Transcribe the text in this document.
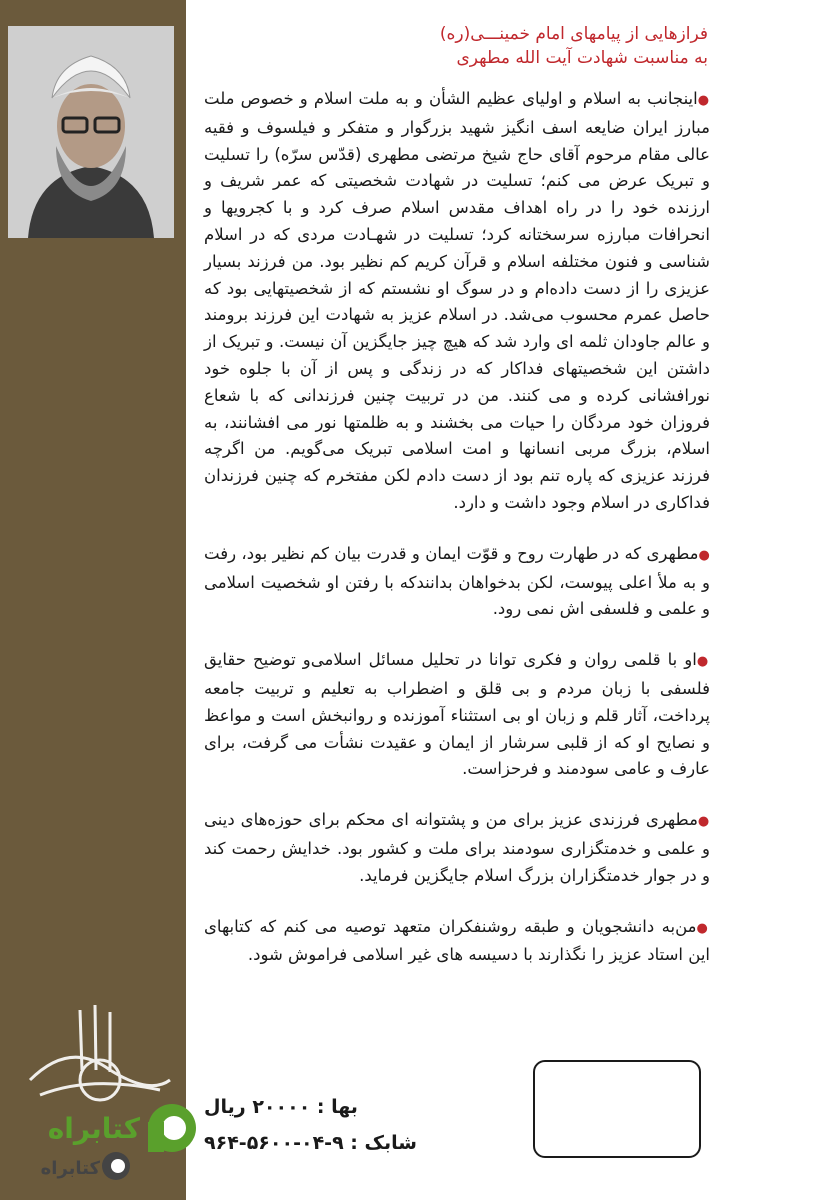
فرازهایی از پیامهای امام خمینـــی(ره)
به مناسبت شهادت آیت الله مطهری

●اینجانب به اسلام و اولیای عظیم الشأن و به ملت اسلام و خصوص ملت مبارز ایران ضایعه اسف انگیز شهید بزرگوار و متفکر و فیلسوف و فقیه عالی مقام مرحوم آقای حاج شیخ مرتضی مطهری (قدّس سرّه) را تسلیت و تبریک عرض می کنم؛ تسلیت در شهادت شخصیتی که عمر شریف و ارزنده خود را در راه اهداف مقدس اسلام صرف کرد و با کجرویها و انحرافات مبارزه سرسختانه کرد؛ تسلیت در شهـادت مردی که در اسلام شناسی و فنون مختلفه اسلام و قرآن کریم کم نظیر بود. من فرزند بسیار عزیزی را از دست داده‌ام و در سوگ او نشستم که از شخصیتهایی بود که حاصل عمرم محسوب می‌شد. در اسلام عزیز به شهادت این فرزند برومند و عالم جاودان ثلمه ای وارد شد که هیچ چیز جایگزین آن نیست. و تبریک از داشتن این شخصیتهای فداکار که در زندگی و پس از آن با جلوه خود نورافشانی کرده و می کنند. من در تربیت چنین فرزندانی که با شعاع فروزان خود مردگان را حیات می بخشند و به ظلمتها نور می افشانند، به اسلام، بزرگ مربی انسانها و امت اسلامی تبریک می‌گویم. من اگرچه فرزند عزیزی که پاره تنم بود از دست دادم لکن مفتخرم که چنین فرزندان فداکاری در اسلام وجود داشت و دارد.

●مطهری که در طهارت روح و قوّت ایمان و قدرت بیان کم نظیر بود، رفت و به ملأ اعلی پیوست، لکن بدخواهان بدانندکه با رفتن او شخصیت اسلامی و علمی و فلسفی اش نمی رود.

●او با قلمی روان و فکری توانا در تحلیل مسائل اسلامی‌و توضیح حقایق فلسفی با زبان مردم و بی قلق و اضطراب به تعلیم و تربیت جامعه پرداخت، آثار قلم و زبان او بی استثناء آموزنده و روانبخش است و مواعظ و نصایح او که از قلبی سرشار از ایمان و عقیدت نشأت می گرفت، برای عارف و عامی سودمند و فرحزاست.

●مطهری فرزندی عزیز برای من و پشتوانه ای محکم برای حوزه‌های دینی و علمی و خدمتگزاری سودمند برای ملت و کشور بود. خدایش رحمت کند و در جوار خدمتگزاران بزرگ اسلام جایگزین فرماید.

●من‌به دانشجویان و طبقه روشنفکران متعهد توصیه می کنم که کتابهای این استاد عزیز را نگذارند با دسیسه های غیر اسلامی فراموش شود.

بها : ۲۰۰۰۰ ریال
شابک : ۹-۰۴-۵۶۰۰-۹۶۴
کتابراه
کتابراه
